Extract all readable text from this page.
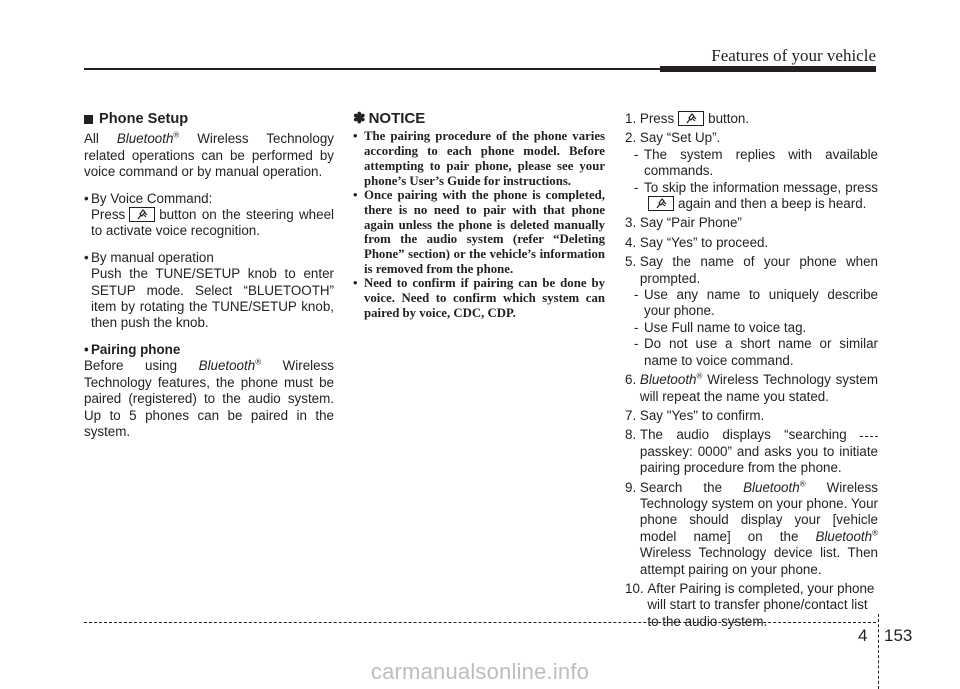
Features of your vehicle
Phone Setup

All Bluetooth® Wireless Technology related operations can be performed by voice command or by manual operation.

• By Voice Command:

Press	button on the steering wheel to activate voice recognition.

• By manual operation

Push the TUNE/SETUP knob to enter SETUP mode. Select “BLUETOOTH” item by rotating the TUNE/SETUP knob, then push the knob.

• Pairing phone

Before using Bluetooth® Wireless Technology features, the phone must be paired (registered) to the audio system. Up to 5 phones can be paired in the system.

✽ NOTICE
• The pairing procedure of the phone varies according to each phone model. Before attempting to pair phone, please see your phone’s User’s Guide for instructions.
• Once pairing with the phone is completed, there is no need to pair with that phone again unless the phone is deleted manually from the audio system (refer “Deleting Phone” section) or the vehicle’s information is removed from the phone.
• Need to confirm if pairing can be done by voice. Need to confirm which system can paired by voice, CDC, CDP.
1.
Press	button.
2.
Say “Set Up”.
- The system replies with available commands.
- To skip the information message, press
again and then a beep is heard.
3.
Say “Pair Phone”
4.
Say “Yes” to proceed.
5.
Say the name of your phone when prompted.
- Use any name to uniquely describe your phone.
- Use Full name to voice tag.
- Do not use a short name or similar name to voice command.
6.
Bluetooth® Wireless Technology system will repeat the name you stated.
7.
Say "Yes" to confirm.
8.
The audio displays “searching  passkey: 0000” and asks you to initiate pairing procedure from the phone.
9.
Search the Bluetooth® Wireless Technology system on your phone. Your phone should display your [vehicle model name] on the Bluetooth® Wireless Technology device list. Then attempt pairing on your phone.
10.
After Pairing is completed, your phone will start to transfer phone/contact list to the audio system.
4 153
carmanualsonline.info
